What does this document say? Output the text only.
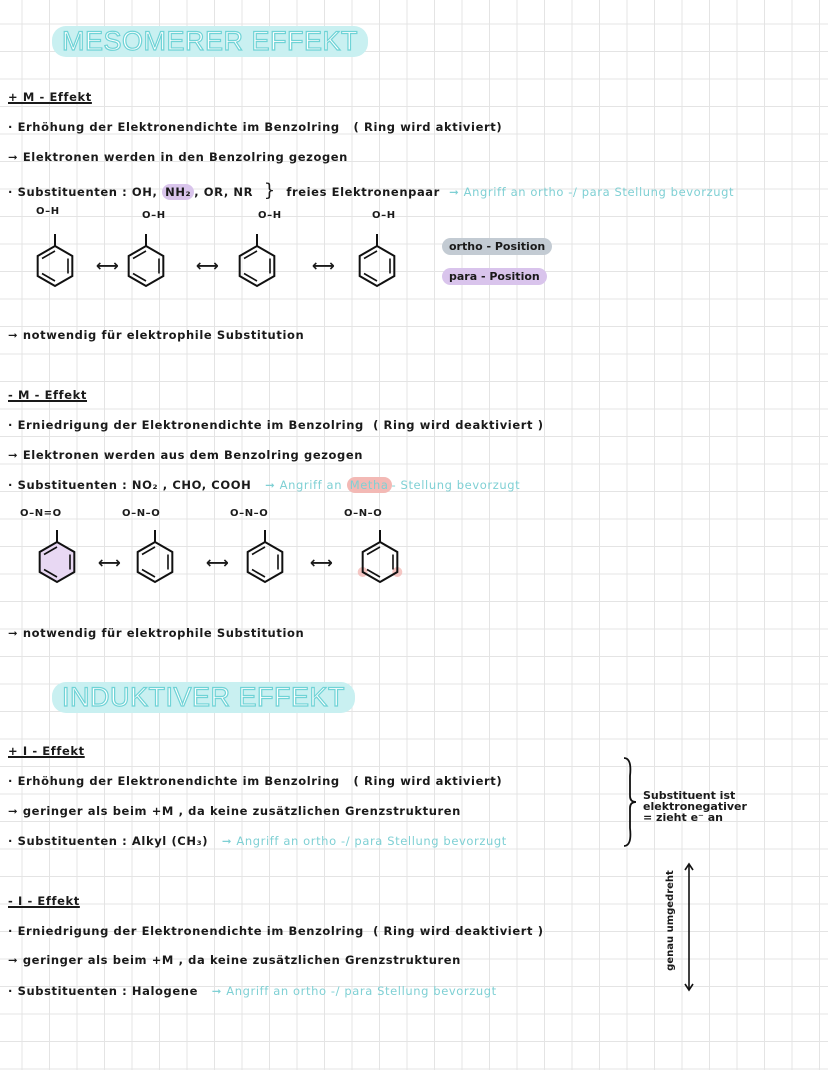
MESOMERER EFFEKT
+ M - Effekt
· Erhöhung der Elektronendichte im Benzolring ( Ring wird aktiviert)
➞ Elektronen werden in den Benzolring gezogen
· Substituenten : OH, NH₂ , OR, NR } freies Elektronenpaar ➞ Angriff an ortho -/ para Stellung bevorzugt
O–H	O–H	O–H	O–H
⟷	⟷	⟷
ortho - Position
para - Position
➞ notwendig für elektrophile Substitution
- M - Effekt
· Erniedrigung der Elektronendichte im Benzolring ( Ring wird deaktiviert )
➞ Elektronen werden aus dem Benzolring gezogen
· Substituenten : NO₂ , CHO, COOH ➞ Angriff an Metha - Stellung bevorzugt
O–N=O	O–N–O	O–N–O	O–N–O
⟷	⟷	⟷
➞ notwendig für elektrophile Substitution
INDUKTIVER EFFEKT
+ I - Effekt
· Erhöhung der Elektronendichte im Benzolring ( Ring wird aktiviert)
➞ geringer als beim +M , da keine zusätzlichen Grenzstrukturen
· Substituenten : Alkyl (CH₃) ➞ Angriff an ortho -/ para Stellung bevorzugt
Substituent ist
elektronegativer
= zieht e⁻ an
genau umgedreht
- I - Effekt
· Erniedrigung der Elektronendichte im Benzolring ( Ring wird deaktiviert )
➞ geringer als beim +M , da keine zusätzlichen Grenzstrukturen
· Substituenten : Halogene ➞ Angriff an ortho -/ para Stellung bevorzugt
